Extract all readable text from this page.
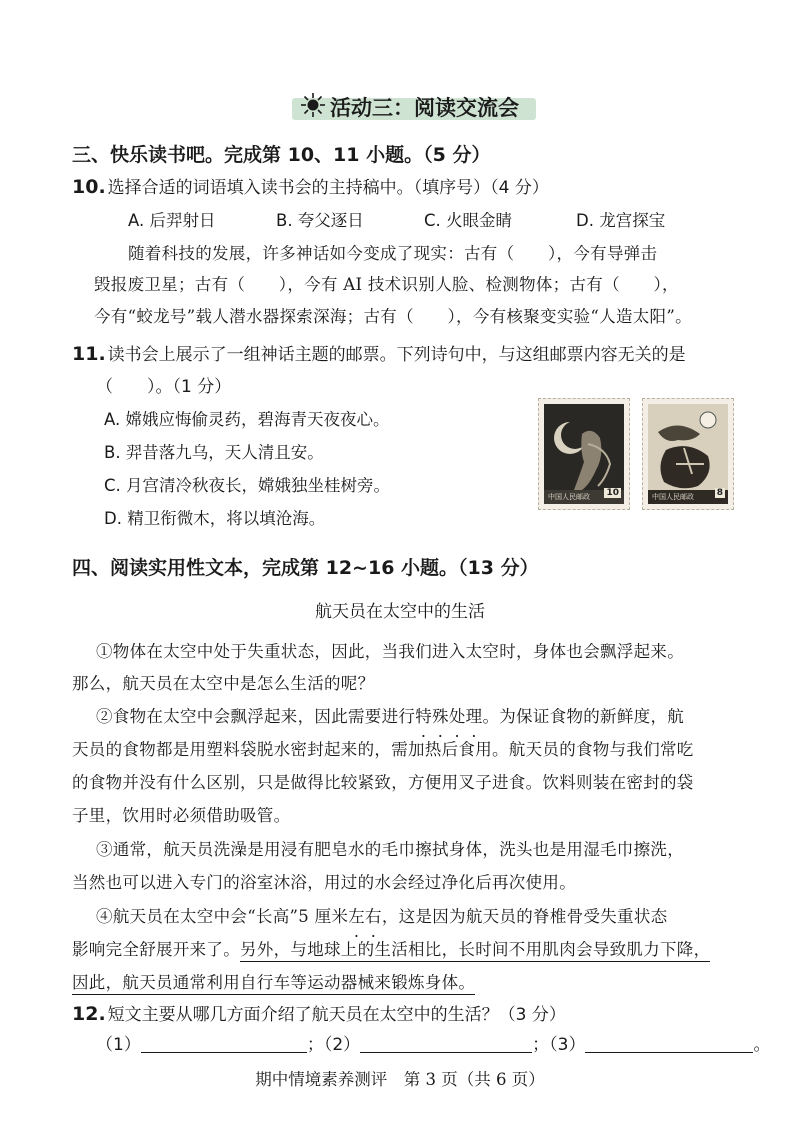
活动三：阅读交流会
三、快乐读书吧。完成第 10、11 小题。（5 分）
10. 选择合适的词语填入读书会的主持稿中。（填序号）（4 分）
A. 后羿射日	B. 夸父逐日	C. 火眼金睛	D. 龙宫探宝
随着科技的发展，许多神话如今变成了现实：古有（　　），今有导弹击
毁报废卫星；古有（　　），今有 AI 技术识别人脸、检测物体；古有（　　），
今有“蛟龙号”载人潜水器探索深海；古有（　　），今有核聚变实验“人造太阳”。
11. 读书会上展示了一组神话主题的邮票。下列诗句中，与这组邮票内容无关的是
（　　）。（1 分）
A. 嫦娥应悔偷灵药，碧海青天夜夜心。
B. 羿昔落九乌，天人清且安。
C. 月宫清冷秋夜长，嫦娥独坐桂树旁。
D. 精卫衔微木，将以填沧海。
中国人民邮政 10	中国人民邮政	8
四、阅读实用性文本，完成第 12~16 小题。（13 分）
航天员在太空中的生活
①物体在太空中处于失重状态，因此，当我们进入太空时，身体也会飘浮起来。
那么，航天员在太空中是怎么生活的呢？
②食物在太空中会飘浮起来，因此需要进行特殊处理。为保证食物的新鲜度，航
天员的食物都是用塑料袋脱水密封起来的，需加热后食用。航天员的食物与我们常吃
的食物并没有什么区别，只是做得比较紧致，方便用叉子进食。饮料则装在密封的袋
子里，饮用时必须借助吸管。
③通常，航天员洗澡是用浸有肥皂水的毛巾擦拭身体，洗头也是用湿毛巾擦洗，
当然也可以进入专门的浴室沐浴，用过的水会经过净化后再次使用。
④航天员在太空中会“长高”5 厘米左右，这是因为航天员的脊椎骨受失重状态
影响完全舒展开来了。另外，与地球上的生活相比，长时间不用肌肉会导致肌力下降，
因此，航天员通常利用自行车等运动器械来锻炼身体。
12. 短文主要从哪几方面介绍了航天员在太空中的生活？（3 分）
（1）	；（2）	；（3）	。
期中情境素养测评　第 3 页（共 6 页）
